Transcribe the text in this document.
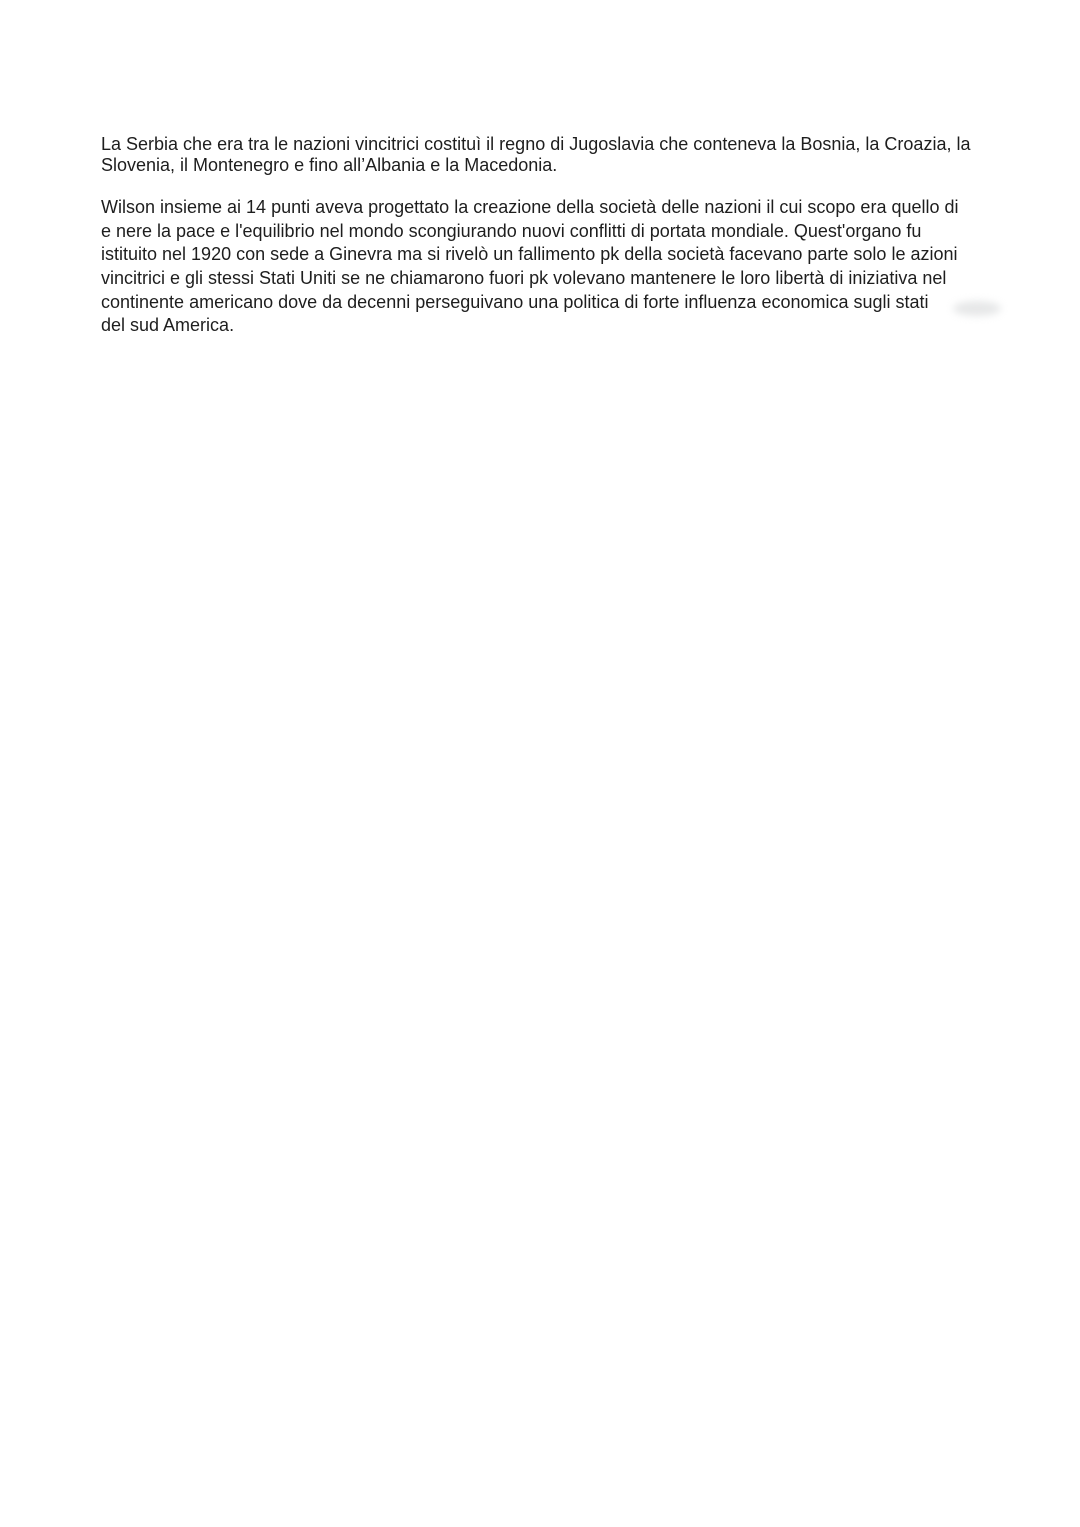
La Serbia che era tra le nazioni vincitrici costituì il regno di Jugoslavia che conteneva la Bosnia, la Croazia, la
Slovenia, il Montenegro e fino all’Albania e la Macedonia.

Wilson insieme ai 14 punti aveva progettato la creazione della società delle nazioni il cui scopo era quello di
e nere la pace e l'equilibrio nel mondo scongiurando nuovi conflitti di portata mondiale. Quest'organo fu
istituito nel 1920 con sede a Ginevra ma si rivelò un fallimento pk della società facevano parte solo le azioni
vincitrici e gli stessi Stati Uniti se ne chiamarono fuori pk volevano mantenere le loro libertà di iniziativa nel
continente americano dove da decenni perseguivano una politica di forte influenza economica sugli stati
del sud America.
